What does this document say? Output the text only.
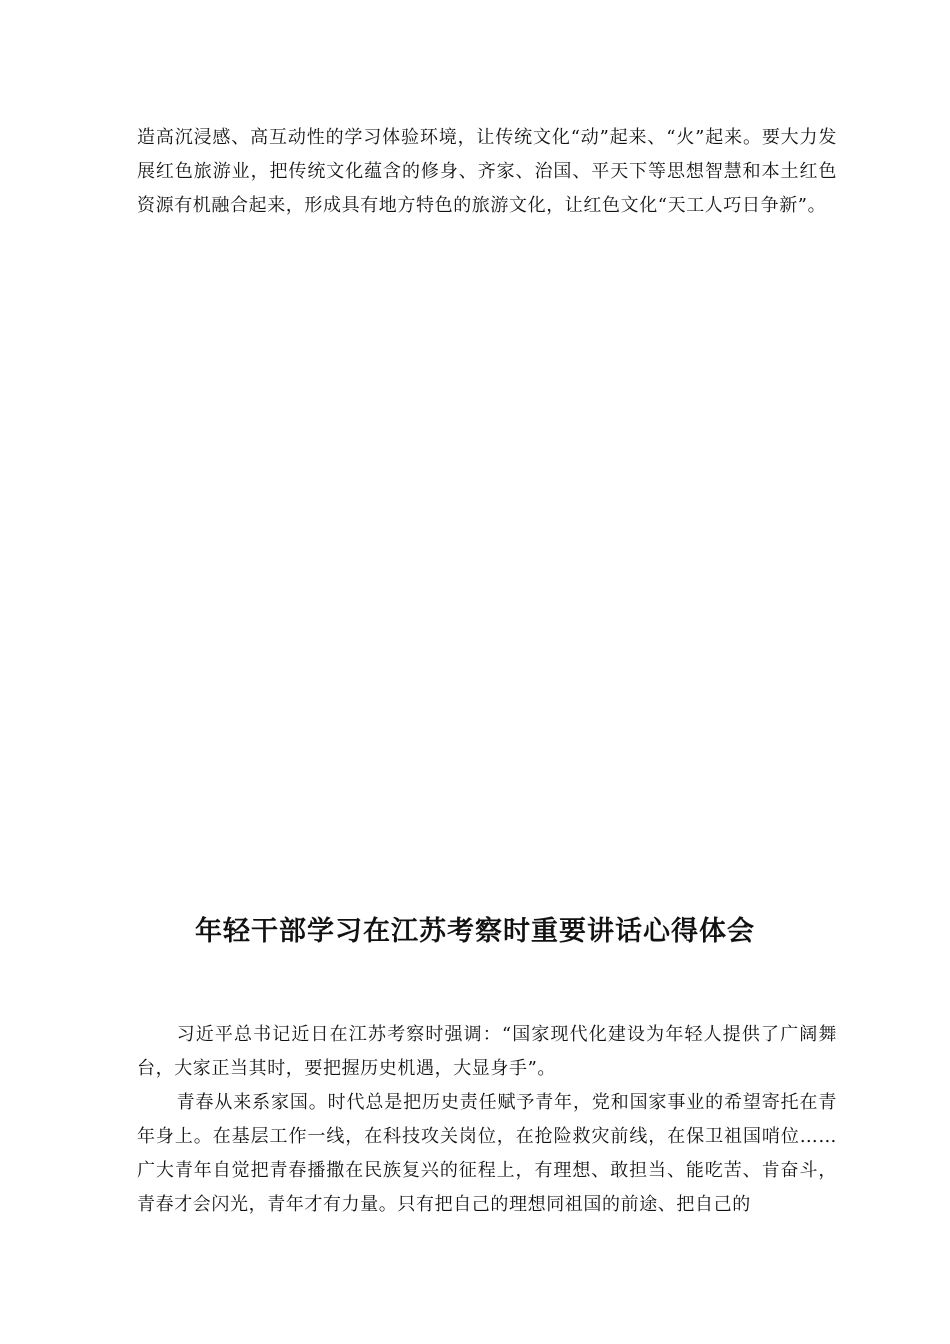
造高沉浸感、高互动性的学习体验环境，让传统文化“动”起来、“火”起来。要大力发展红色旅游业，把传统文化蕴含的修身、齐家、治国、平天下等思想智慧和本土红色资源有机融合起来，形成具有地方特色的旅游文化，让红色文化“天工人巧日争新”。

年轻干部学习在江苏考察时重要讲话心得体会

习近平总书记近日在江苏考察时强调：“国家现代化建设为年轻人提供了广阔舞台，大家正当其时，要把握历史机遇，大显身手”。

青春从来系家国。时代总是把历史责任赋予青年，党和国家事业的希望寄托在青年身上。在基层工作一线，在科技攻关岗位，在抢险救灾前线，在保卫祖国哨位……广大青年自觉把青春播撒在民族复兴的征程上，有理想、敢担当、能吃苦、肯奋斗，青春才会闪光，青年才有力量。只有把自己的理想同祖国的前途、把自己的
